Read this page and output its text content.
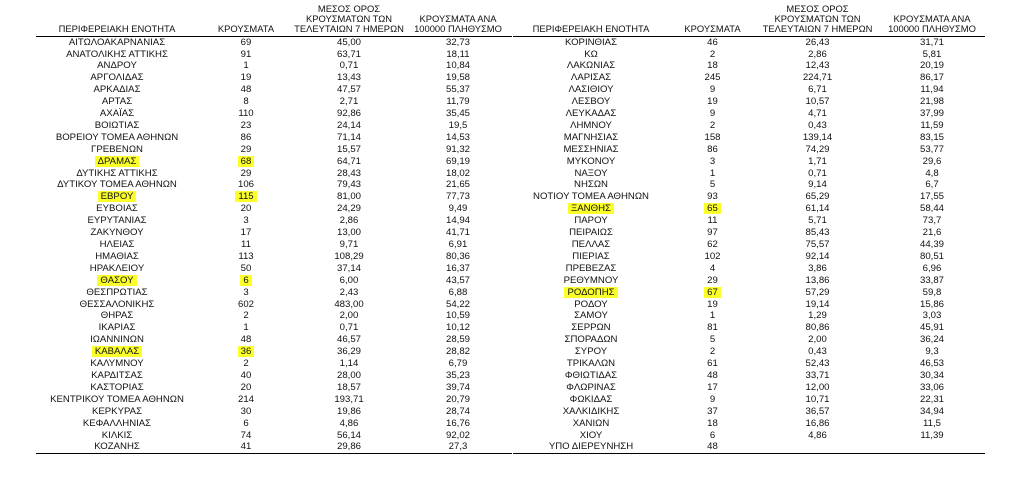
ΠΕΡΙΦΕΡΕΙΑΚΗ ΕΝΟΤΗΤΑ	ΚΡΟΥΣΜΑΤΑ	ΜΕΣΟΣ ΟΡΟΣ ΚΡΟΥΣΜΑΤΩΝ ΤΩΝ ΤΕΛΕΥΤΑΙΩΝ 7 ΗΜΕΡΩΝ	ΚΡΟΥΣΜΑΤΑ ΑΝΑ 100000 ΠΛΗΘΥΣΜΟ
ΑΙΤΩΛΟΑΚΑΡΝΑΝΙΑΣ	69	45,00	32,73
ΑΝΑΤΟΛΙΚΗΣ ΑΤΤΙΚΗΣ	91	63,71	18,11
ΑΝΔΡΟΥ	1	0,71	10,84
ΑΡΓΟΛΙΔΑΣ	19	13,43	19,58
ΑΡΚΑΔΙΑΣ	48	47,57	55,37
ΑΡΤΑΣ	8	2,71	11,79
ΑΧΑΪΑΣ	110	92,86	35,45
ΒΟΙΩΤΙΑΣ	23	24,14	19,5
ΒΟΡΕΙΟΥ ΤΟΜΕΑ ΑΘΗΝΩΝ	86	71,14	14,53
ΓΡΕΒΕΝΩΝ	29	15,57	91,32
ΔΡΑΜΑΣ	68	64,71	69,19
ΔΥΤΙΚΗΣ ΑΤΤΙΚΗΣ	29	28,43	18,02
ΔΥΤΙΚΟΥ ΤΟΜΕΑ ΑΘΗΝΩΝ	106	79,43	21,65
ΕΒΡΟΥ	115	81,00	77,73
ΕΥΒΟΙΑΣ	20	24,29	9,49
ΕΥΡΥΤΑΝΙΑΣ	3	2,86	14,94
ΖΑΚΥΝΘΟΥ	17	13,00	41,71
ΗΛΕΙΑΣ	11	9,71	6,91
ΗΜΑΘΙΑΣ	113	108,29	80,36
ΗΡΑΚΛΕΙΟΥ	50	37,14	16,37
ΘΑΣΟΥ	6	6,00	43,57
ΘΕΣΠΡΩΤΙΑΣ	3	2,43	6,88
ΘΕΣΣΑΛΟΝΙΚΗΣ	602	483,00	54,22
ΘΗΡΑΣ	2	2,00	10,59
ΙΚΑΡΙΑΣ	1	0,71	10,12
ΙΩΑΝΝΙΝΩΝ	48	46,57	28,59
ΚΑΒΑΛΑΣ	36	36,29	28,82
ΚΑΛΥΜΝΟΥ	2	1,14	6,79
ΚΑΡΔΙΤΣΑΣ	40	28,00	35,23
ΚΑΣΤΟΡΙΑΣ	20	18,57	39,74
ΚΕΝΤΡΙΚΟΥ ΤΟΜΕΑ ΑΘΗΝΩΝ	214	193,71	20,79
ΚΕΡΚΥΡΑΣ	30	19,86	28,74
ΚΕΦΑΛΛΗΝΙΑΣ	6	4,86	16,76
ΚΙΛΚΙΣ	74	56,14	92,02
ΚΟΖΑΝΗΣ	41	29,86	27,3
ΠΕΡΙΦΕΡΕΙΑΚΗ ΕΝΟΤΗΤΑ	ΚΡΟΥΣΜΑΤΑ	ΜΕΣΟΣ ΟΡΟΣ ΚΡΟΥΣΜΑΤΩΝ ΤΩΝ ΤΕΛΕΥΤΑΙΩΝ 7 ΗΜΕΡΩΝ	ΚΡΟΥΣΜΑΤΑ ΑΝΑ 100000 ΠΛΗΘΥΣΜΟ
ΚΟΡΙΝΘΙΑΣ	46	26,43	31,71
ΚΩ	2	2,86	5,81
ΛΑΚΩΝΙΑΣ	18	12,43	20,19
ΛΑΡΙΣΑΣ	245	224,71	86,17
ΛΑΣΙΘΙΟΥ	9	6,71	11,94
ΛΕΣΒΟΥ	19	10,57	21,98
ΛΕΥΚΑΔΑΣ	9	4,71	37,99
ΛΗΜΝΟΥ	2	0,43	11,59
ΜΑΓΝΗΣΙΑΣ	158	139,14	83,15
ΜΕΣΣΗΝΙΑΣ	86	74,29	53,77
ΜΥΚΟΝΟΥ	3	1,71	29,6
ΝΑΞΟΥ	1	0,71	4,8
ΝΗΣΩΝ	5	9,14	6,7
ΝΟΤΙΟΥ ΤΟΜΕΑ ΑΘΗΝΩΝ	93	65,29	17,55
ΞΑΝΘΗΣ	65	61,14	58,44
ΠΑΡΟΥ	11	5,71	73,7
ΠΕΙΡΑΙΩΣ	97	85,43	21,6
ΠΕΛΛΑΣ	62	75,57	44,39
ΠΙΕΡΙΑΣ	102	92,14	80,51
ΠΡΕΒΕΖΑΣ	4	3,86	6,96
ΡΕΘΥΜΝΟΥ	29	13,86	33,87
ΡΟΔΟΠΗΣ	67	57,29	59,8
ΡΟΔΟΥ	19	19,14	15,86
ΣΑΜΟΥ	1	1,29	3,03
ΣΕΡΡΩΝ	81	80,86	45,91
ΣΠΟΡΑΔΩΝ	5	2,00	36,24
ΣΥΡΟΥ	2	0,43	9,3
ΤΡΙΚΑΛΩΝ	61	52,43	46,53
ΦΘΙΩΤΙΔΑΣ	48	33,71	30,34
ΦΛΩΡΙΝΑΣ	17	12,00	33,06
ΦΩΚΙΔΑΣ	9	10,71	22,31
ΧΑΛΚΙΔΙΚΗΣ	37	36,57	34,94
ΧΑΝΙΩΝ	18	16,86	11,5
ΧΙΟΥ	6	4,86	11,39
ΥΠΟ ΔΙΕΡΕΥΝΗΣΗ	48		
